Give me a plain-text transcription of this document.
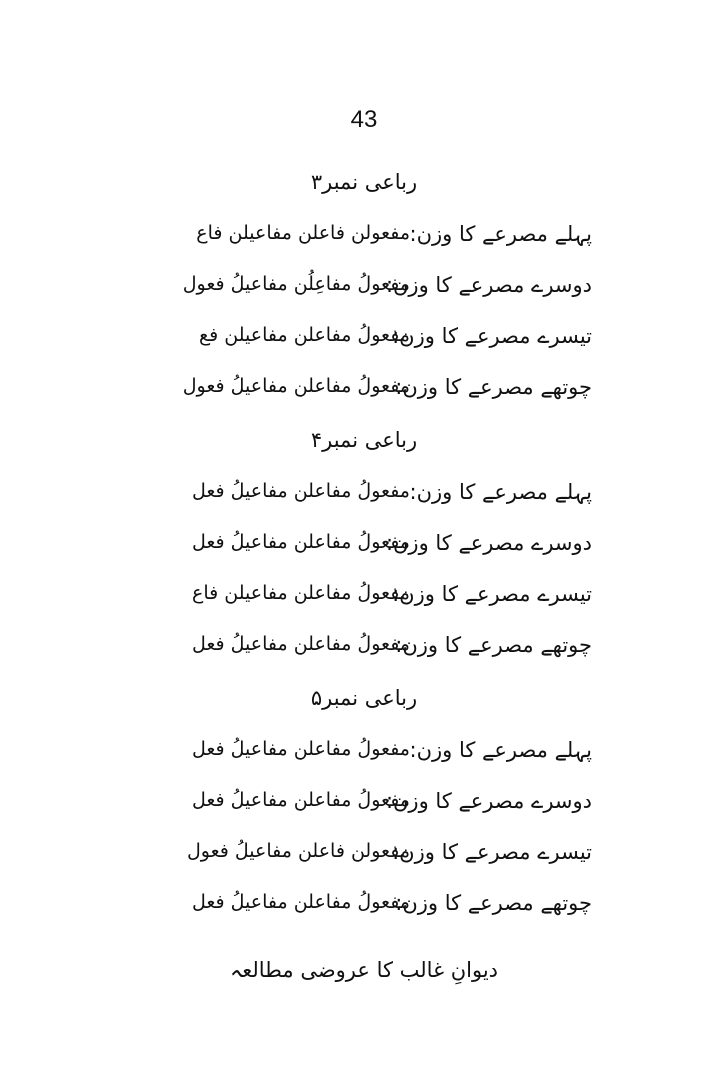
43
رباعی نمبر۳
پہلے مصرعے کا وزن:
مفعولن فاعلن مفاعیلن فاع
دوسرے مصرعے کا وزن:
مفعولُ مفاعِلُن مفاعیلُ فعول
تیسرے مصرعے کا وزن:
مفعولُ مفاعلن مفاعیلن فع
چوتھے مصرعے کا وزن:
مفعولُ مفاعلن مفاعیلُ فعول
رباعی نمبر۴
پہلے مصرعے کا وزن:
مفعولُ مفاعلن مفاعیلُ فعل
دوسرے مصرعے کا وزن:
مفعولُ مفاعلن مفاعیلُ فعل
تیسرے مصرعے کا وزن:
مفعولُ مفاعلن مفاعیلن فاع
چوتھے مصرعے کا وزن:
مفعولُ مفاعلن مفاعیلُ فعل
رباعی نمبر۵
پہلے مصرعے کا وزن:
مفعولُ مفاعلن مفاعیلُ فعل
دوسرے مصرعے کا وزن:
مفعولُ مفاعلن مفاعیلُ فعل
تیسرے مصرعے کا وزن:
مفعولن فاعلن مفاعیلُ فعول
چوتھے مصرعے کا وزن:
مفعولُ مفاعلن مفاعیلُ فعل
دیوانِ غالب کا عروضی مطالعہ
